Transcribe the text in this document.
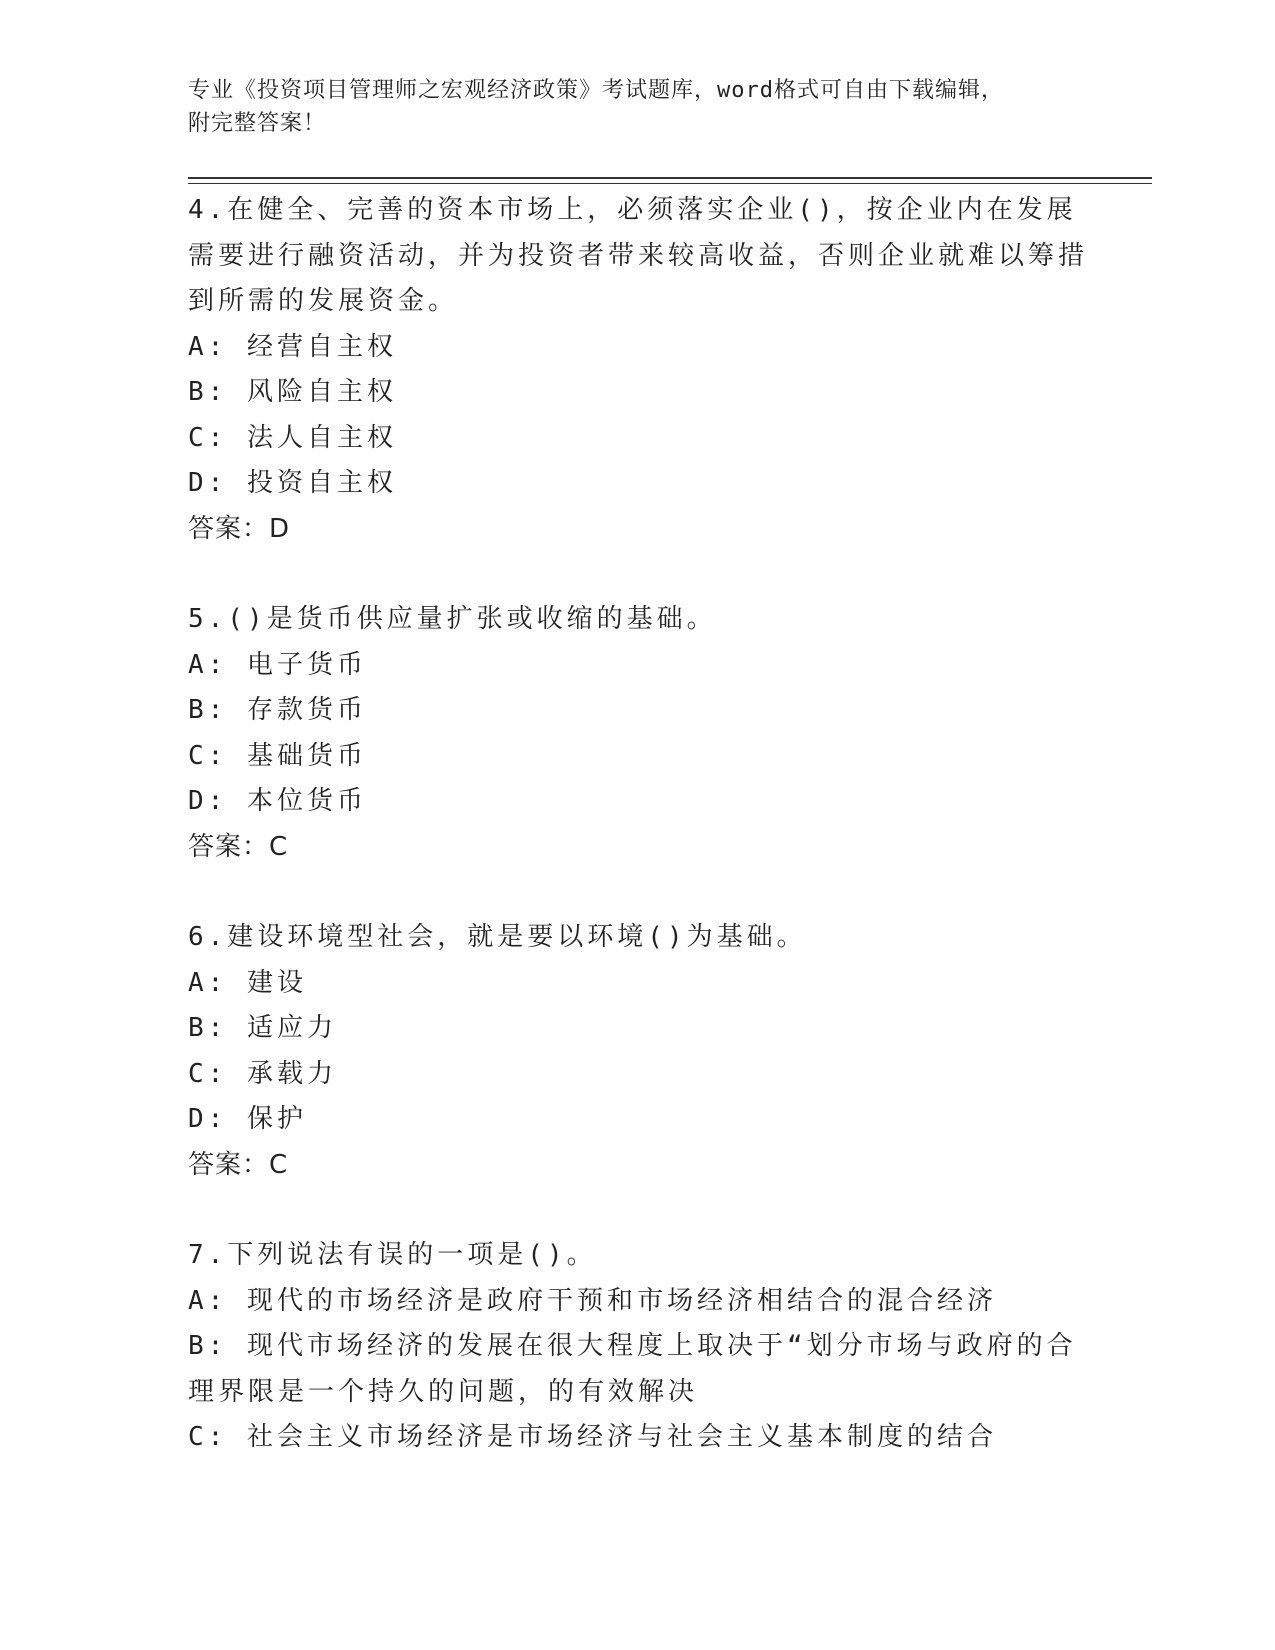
专业《投资项目管理师之宏观经济政策》考试题库，word格式可自由下载编辑，
附完整答案！

4.在健全、完善的资本市场上，必须落实企业()，按企业内在发展需要进行融资活动，并为投资者带来较高收益，否则企业就难以筹措到所需的发展资金。

A: 经营自主权

B: 风险自主权

C: 法人自主权

D: 投资自主权

答案：D

5.()是货币供应量扩张或收缩的基础。

A: 电子货币

B: 存款货币

C: 基础货币

D: 本位货币

答案：C

6.建设环境型社会，就是要以环境()为基础。

A: 建设

B: 适应力

C: 承载力

D: 保护

答案：C

7.下列说法有误的一项是()。

A: 现代的市场经济是政府干预和市场经济相结合的混合经济

B: 现代市场经济的发展在很大程度上取决于“划分市场与政府的合理界限是一个持久的问题，的有效解决

C: 社会主义市场经济是市场经济与社会主义基本制度的结合
